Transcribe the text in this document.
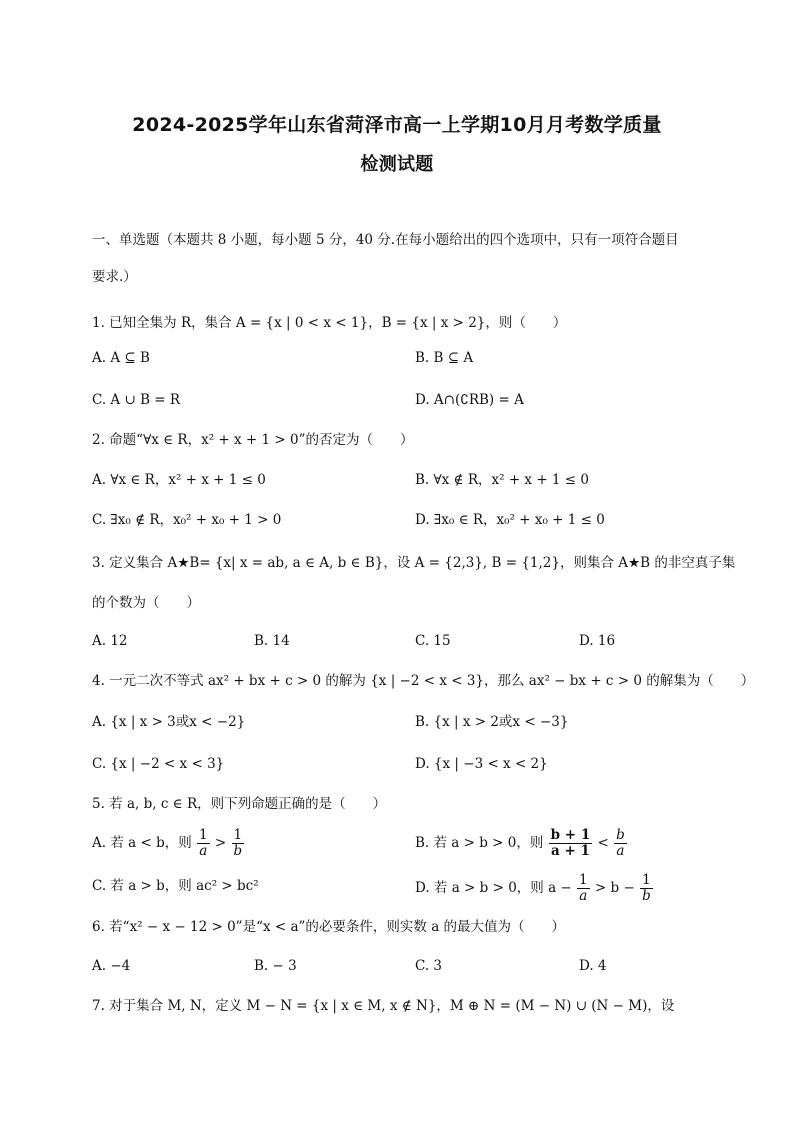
2024-2025学年山东省菏泽市高一上学期10月月考数学质量
检测试题
一、单选题（本题共 8 小题，每小题 5 分，40 分.在每小题给出的四个选项中，只有一项符合题目
要求.）
1. 已知全集为 R，集合 A = {x | 0 < x < 1}，B = {x | x > 2}，则（　　）
A. A ⊆ B	B. B ⊆ A
C. A ∪ B = R	D. A∩(∁RB) = A
2. 命题“∀x ∈ R，x² + x + 1 > 0”的否定为（　　）
A. ∀x ∈ R，x² + x + 1 ≤ 0	B. ∀x ∉ R，x² + x + 1 ≤ 0
C. ∃x₀ ∉ R，x₀² + x₀ + 1 > 0	D. ∃x₀ ∈ R，x₀² + x₀ + 1 ≤ 0
3. 定义集合 A★B= {x| x = ab, a ∈ A, b ∈ B}，设 A = {2,3}, B = {1,2}，则集合 A★B 的非空真子集
的个数为（　　）
A. 12	B. 14	C. 15	D. 16
4. 一元二次不等式 ax² + bx + c > 0 的解为 {x | −2 < x < 3}，那么 ax² − bx + c > 0 的解集为（　　）
A. {x | x > 3或x < −2}	B. {x | x > 2或x < −3}
C. {x | −2 < x < 3}	D. {x | −3 < x < 2}
5. 若 a, b, c ∈ R，则下列命题正确的是（　　）
A. 若 a < b，则 $\frac{1}{a} > \frac{1}{b}$	B. 若 a > b > 0，则 $\frac{b + 1}{a + 1} < \frac{b}{a}$
C. 若 a > b，则 ac² > bc²	D. 若 a > b > 0，则 $a - \frac{1}{a} > b - \frac{1}{b}$
6. 若“x² − x − 12 > 0”是“x < a”的必要条件，则实数 a 的最大值为（　　）
A. −4	B. − 3	C. 3	D. 4
7. 对于集合 M, N，定义 M − N = {x | x ∈ M, x ∉ N}，M ⊕ N = (M − N) ∪ (N − M)，设
